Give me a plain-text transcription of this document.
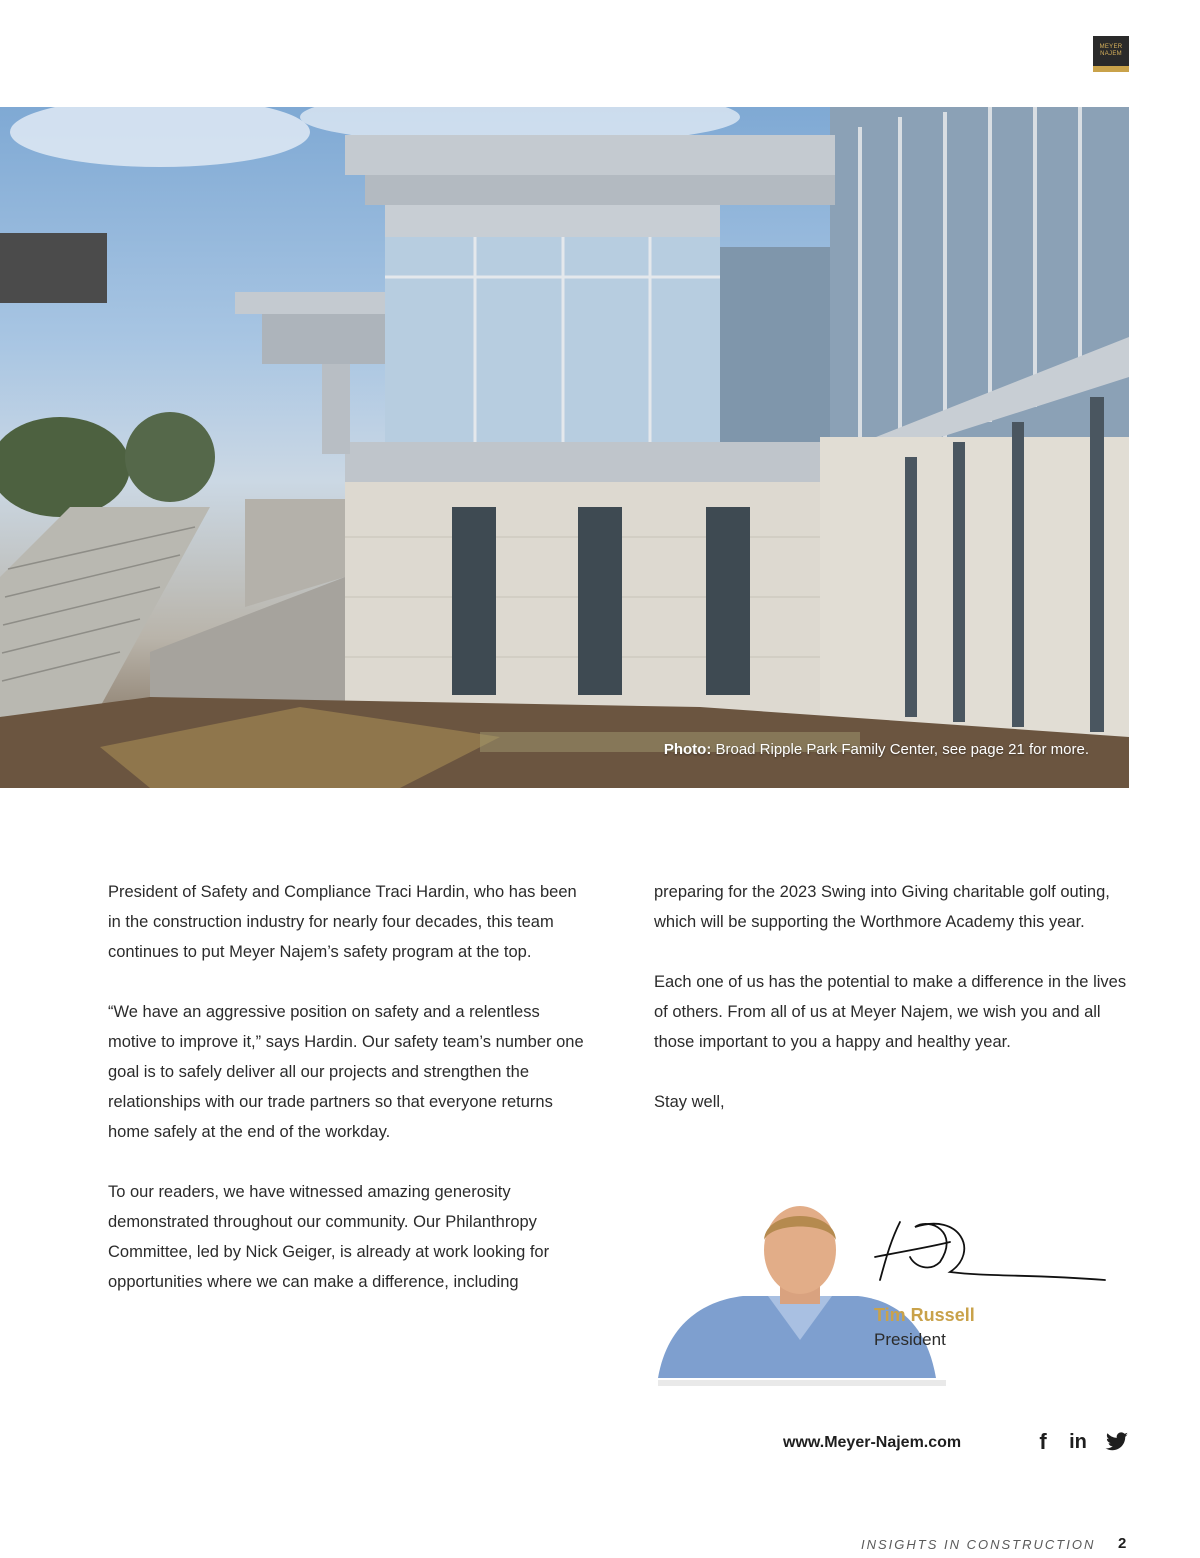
MEYER
NAJEM
Photo: Broad Ripple Park Family Center, see page 21 for more.

President of Safety and Compliance Traci Hardin, who has been in the construction industry for nearly four decades, this team continues to put Meyer Najem’s safety program at the top.

“We have an aggressive position on safety and a relentless motive to improve it,” says Hardin. Our safety team’s number one goal is to safely deliver all our projects and strengthen the relationships with our trade partners so that everyone returns home safely at the end of the workday.

To our readers, we have witnessed amazing generosity demonstrated throughout our community. Our Philanthropy Committee, led by Nick Geiger, is already at work looking for opportunities where we can make a difference, including

preparing for the 2023 Swing into Giving charitable golf outing, which will be supporting the Worthmore Academy this year.

Each one of us has the potential to make a difference in the lives of others. From all of us at Meyer Najem, we wish you and all those important to you a happy and healthy year.

Stay well,

Tim Russell
President
www.Meyer-Najem.com	f in
INSIGHTS IN CONSTRUCTION 2
